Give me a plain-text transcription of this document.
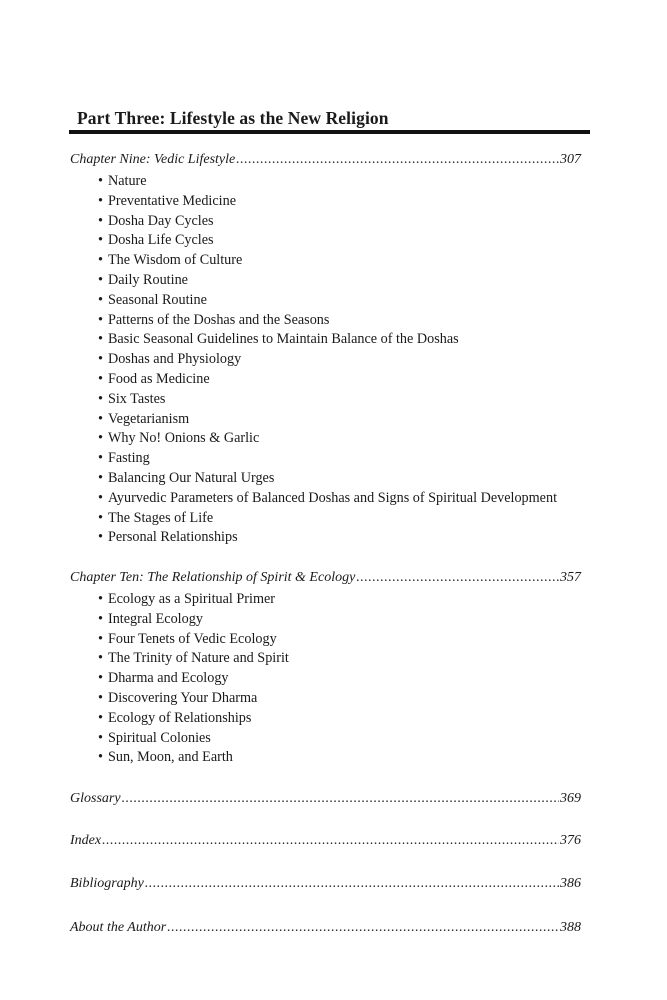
Part Three: Lifestyle as the New Religion
Chapter Nine: Vedic Lifestyle .....	307
• Nature
• Preventative Medicine
• Dosha Day Cycles
• Dosha Life Cycles
• The Wisdom of Culture
• Daily Routine
• Seasonal Routine
• Patterns of the Doshas and the Seasons
• Basic Seasonal Guidelines to Maintain Balance of the Doshas
• Doshas and Physiology
• Food as Medicine
• Six Tastes
• Vegetarianism
• Why No! Onions & Garlic
• Fasting
• Balancing Our Natural Urges
• Ayurvedic Parameters of Balanced Doshas and Signs of Spiritual Development
• The Stages of Life
• Personal Relationships
Chapter Ten: The Relationship of Spirit & Ecology .....	357
• Ecology as a Spiritual Primer
• Integral Ecology
• Four Tenets of Vedic Ecology
• The Trinity of Nature and Spirit
• Dharma and Ecology
• Discovering Your Dharma
• Ecology of Relationships
• Spiritual Colonies
• Sun, Moon, and Earth
Glossary .....	369
Index .....	376
Bibliography .....	386
About the Author .....	388
